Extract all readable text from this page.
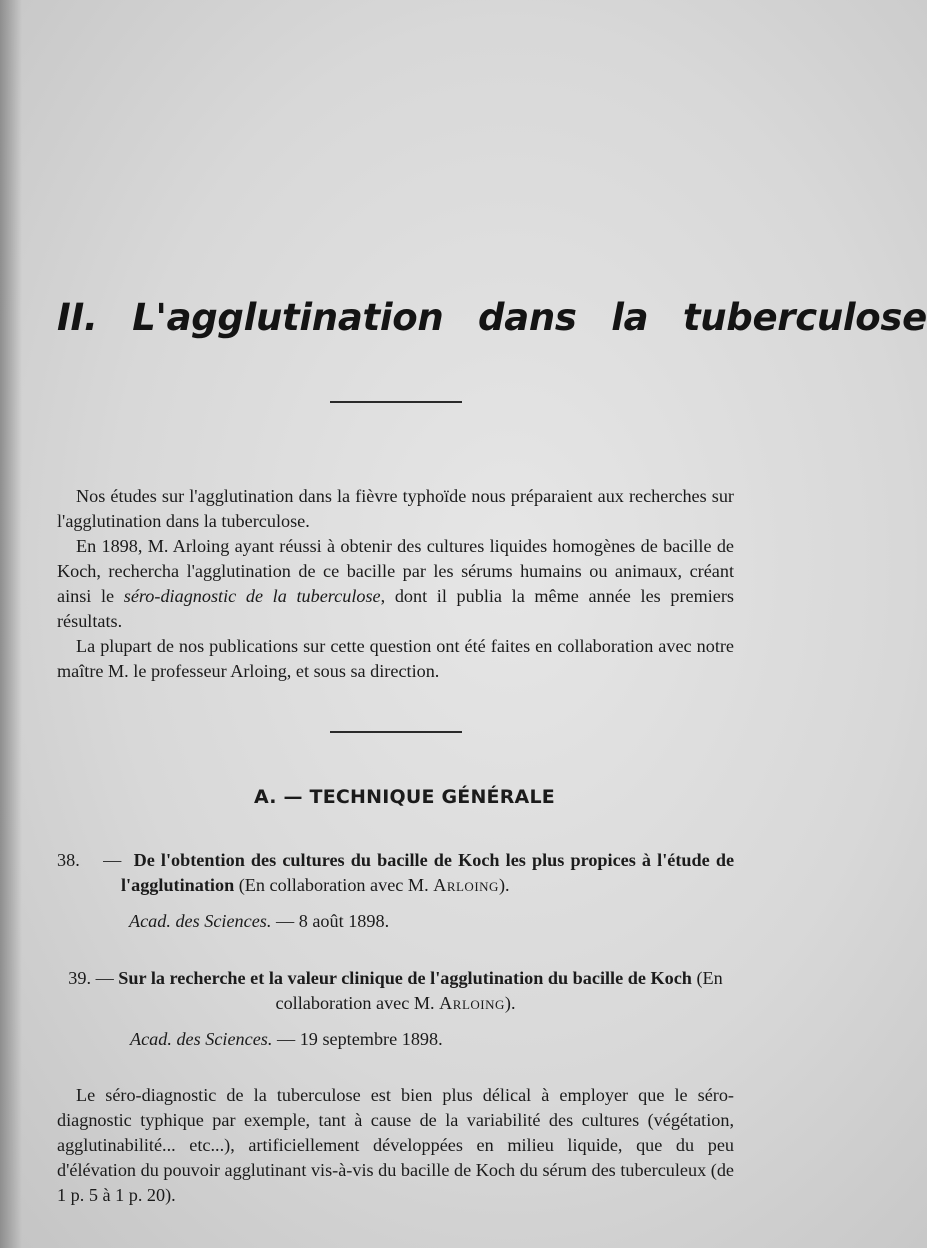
II. L'agglutination dans la tuberculose

Nos études sur l'agglutination dans la fièvre typhoïde nous préparaient aux recherches sur l'agglutination dans la tuberculose.

En 1898, M. Arloing ayant réussi à obtenir des cultures liquides homogènes de bacille de Koch, recherchа l'agglutination de ce bacille par les sérums humains ou animaux, créant ainsi le séro-diagnostic de la tuberculose, dont il publia la même année les premiers résultats.

La plupart de nos publications sur cette question ont été faites en collaboration avec notre maître M. le professeur Arloing, et sous sa direction.

A. — TECHNIQUE GÉNÉRALE
38. — De l'obtention des cultures du bacille de Koch les plus propices à l'étude de l'agglutination (En collaboration avec M. Arloing).
Acad. des Sciences. — 8 août 1898.
39. — Sur la recherche et la valeur clinique de l'agglutination du bacille de Koch (En collaboration avec M. Arloing).
Acad. des Sciences. — 19 septembre 1898.

Le séro-diagnostic de la tuberculose est bien plus délical à employer que le séro-diagnostic typhique par exemple, tant à cause de la variabilité des cultures (végétation, agglutinabilité... etc...), artificiellement développées en milieu liquide, que du peu d'élévation du pouvoir agglutinant vis-à-vis du bacille de Koch du sérum des tuberculeux (de 1 p. 5 à 1 p. 20).
